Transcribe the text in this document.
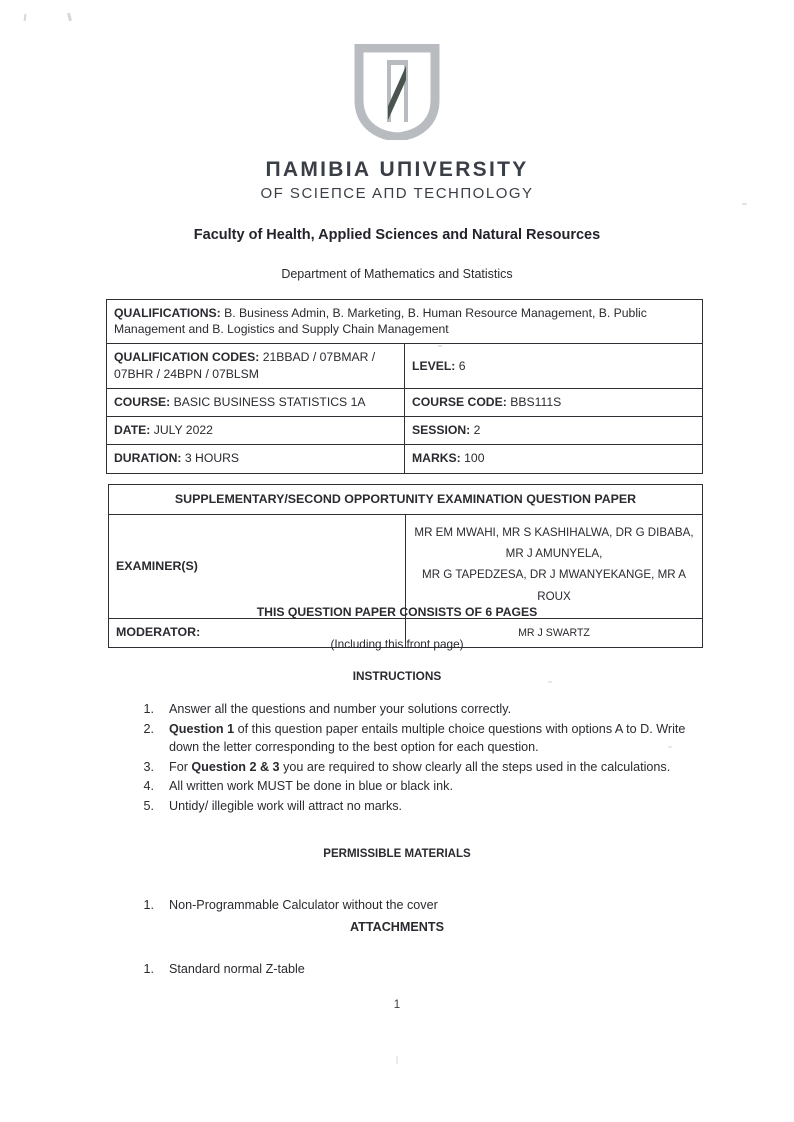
ΠΑΜΙΒΙΑ UΠΙVERSITY
OF SCIEΠCE AΠD TECHΠOLOGY
Faculty of Health, Applied Sciences and Natural Resources
Department of Mathematics and Statistics
QUALIFICATIONS: B. Business Admin, B. Marketing, B. Human Resource Management, B. Public Management and B. Logistics and Supply Chain Management	
QUALIFICATION CODES: 21BBAD / 07BMAR / 07BHR / 24BPN / 07BLSM	LEVEL: 6
COURSE: BASIC BUSINESS STATISTICS 1A	COURSE CODE: BBS111S
DATE: JULY 2022	SESSION: 2
DURATION: 3 HOURS	MARKS: 100
SUPPLEMENTARY/SECOND OPPORTUNITY EXAMINATION QUESTION PAPER	
EXAMINER(S)	MR EM MWAHI, MR S KASHIHALWA, DR G DIBABA, MR J AMUNYELA,
MR G TAPEDZESA, DR J MWANYEKANGE, MR A ROUX

MODERATOR:	MR J SWARTZ
THIS QUESTION PAPER CONSISTS OF 6 PAGES
(Including this front page)
INSTRUCTIONS
1. Answer all the questions and number your solutions correctly.
2. Question 1 of this question paper entails multiple choice questions with options A to D. Write down the letter corresponding to the best option for each question.
3. For Question 2 & 3 you are required to show clearly all the steps used in the calculations.
4. All written work MUST be done in blue or black ink.
5. Untidy/ illegible work will attract no marks.
PERMISSIBLE MATERIALS
1. Non-Programmable Calculator without the cover
ATTACHMENTS
1. Standard normal Z-table
1
